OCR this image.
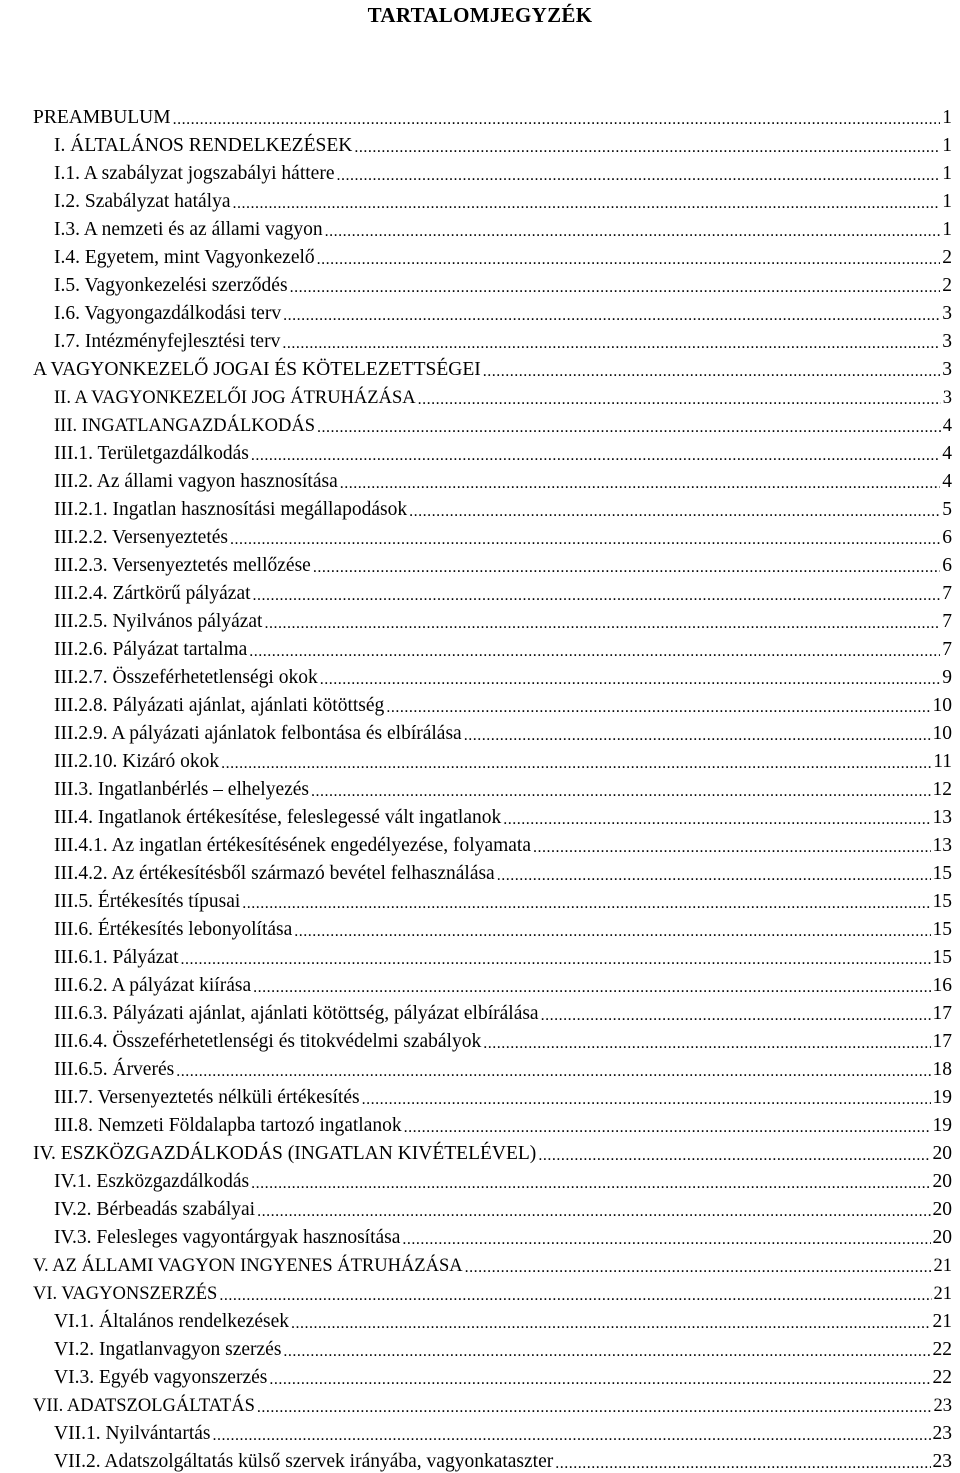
TARTALOMJEGYZÉK
PREAMBULUM .....	1
I. ÁLTALÁNOS RENDELKEZÉSEK .....	1
I.1. A szabályzat jogszabályi háttere .....	1
I.2. Szabályzat hatálya .....	1
I.3. A nemzeti és az állami vagyon .....	1
I.4. Egyetem, mint Vagyonkezelő .....	2
I.5. Vagyonkezelési szerződés .....	2
I.6. Vagyongazdálkodási terv .....	3
I.7. Intézményfejlesztési terv .....	3
A VAGYONKEZELŐ JOGAI ÉS KÖTELEZETTSÉGEI .....	3
II. A VAGYONKEZELŐI JOG ÁTRUHÁZÁSA .....	3
III. INGATLANGAZDÁLKODÁS .....	4
III.1. Területgazdálkodás .....	4
III.2. Az állami vagyon hasznosítása .....	4
III.2.1. Ingatlan hasznosítási megállapodások .....	5
III.2.2. Versenyeztetés .....	6
III.2.3. Versenyeztetés mellőzése .....	6
III.2.4. Zártkörű pályázat .....	7
III.2.5. Nyilvános pályázat .....	7
III.2.6. Pályázat tartalma .....	7
III.2.7. Összeférhetetlenségi okok .....	9
III.2.8. Pályázati ajánlat, ajánlati kötöttség .....	10
III.2.9. A pályázati ajánlatok felbontása és elbírálása .....	10
III.2.10. Kizáró okok .....	11
III.3. Ingatlanbérlés – elhelyezés .....	12
III.4. Ingatlanok értékesítése, feleslegessé vált ingatlanok .....	13
III.4.1. Az ingatlan értékesítésének engedélyezése, folyamata .....	13
III.4.2. Az értékesítésből származó bevétel felhasználása .....	15
III.5. Értékesítés típusai .....	15
III.6. Értékesítés lebonyolítása .....	15
III.6.1. Pályázat .....	15
III.6.2. A pályázat kiírása .....	16
III.6.3. Pályázati ajánlat, ajánlati kötöttség, pályázat elbírálása .....	17
III.6.4. Összeférhetetlenségi és titokvédelmi szabályok .....	17
III.6.5. Árverés .....	18
III.7. Versenyeztetés nélküli értékesítés .....	19
III.8. Nemzeti Földalapba tartozó ingatlanok .....	19
IV. ESZKÖZGAZDÁLKODÁS (INGATLAN KIVÉTELÉVEL) .....	20
IV.1. Eszközgazdálkodás .....	20
IV.2. Bérbeadás szabályai .....	20
IV.3. Felesleges vagyontárgyak hasznosítása .....	20
V. AZ ÁLLAMI VAGYON INGYENES ÁTRUHÁZÁSA .....	21
VI. VAGYONSZERZÉS .....	21
VI.1. Általános rendelkezések .....	21
VI.2. Ingatlanvagyon szerzés .....	22
VI.3. Egyéb vagyonszerzés .....	22
VII. ADATSZOLGÁLTATÁS .....	23
VII.1. Nyilvántartás .....	23
VII.2. Adatszolgáltatás külső szervek irányába, vagyonkataszter .....	23
